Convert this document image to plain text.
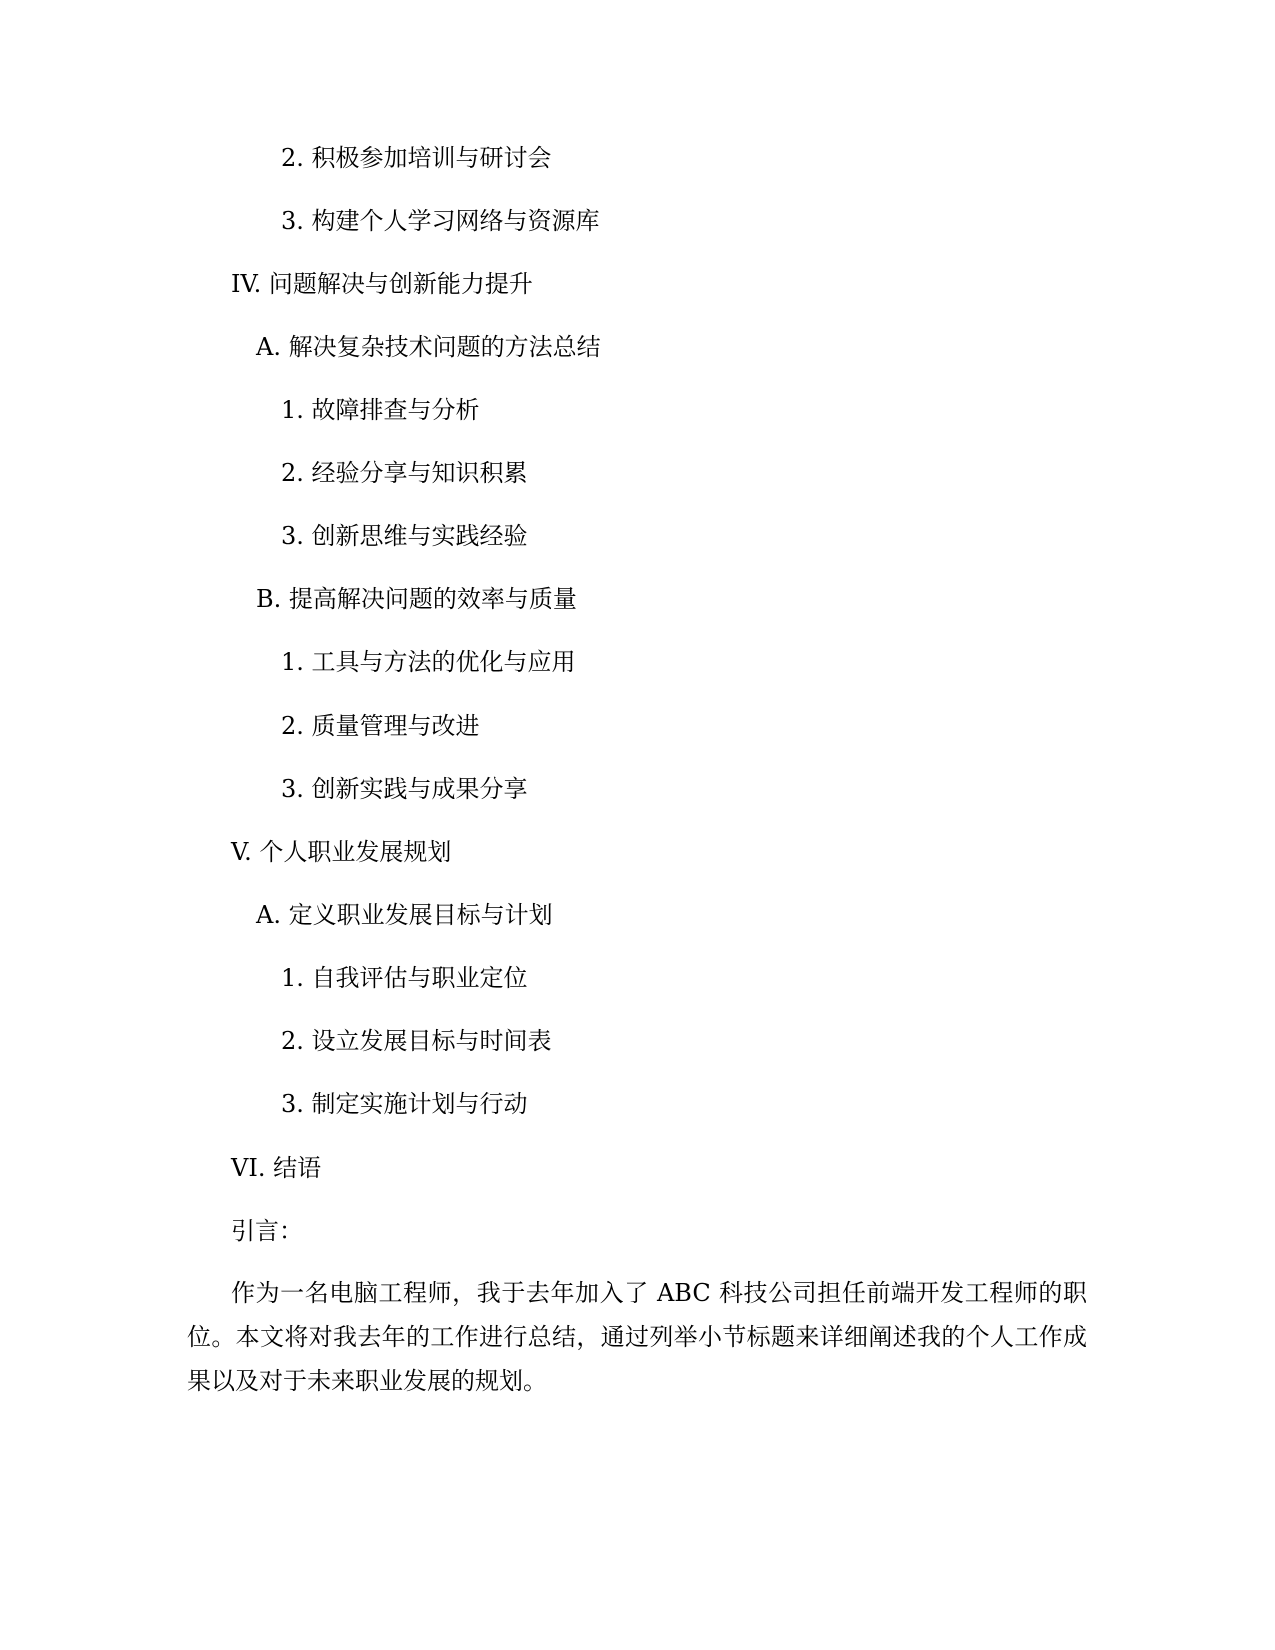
2. 积极参加培训与研讨会
3. 构建个人学习网络与资源库
IV. 问题解决与创新能力提升
A. 解决复杂技术问题的方法总结
1. 故障排查与分析
2. 经验分享与知识积累
3. 创新思维与实践经验
B. 提高解决问题的效率与质量
1. 工具与方法的优化与应用
2. 质量管理与改进
3. 创新实践与成果分享
V. 个人职业发展规划
A. 定义职业发展目标与计划
1. 自我评估与职业定位
2. 设立发展目标与时间表
3. 制定实施计划与行动
VI. 结语
引言：
作为一名电脑工程师，我于去年加入了 ABC 科技公司担任前端开发工程师的职位。本文将对我去年的工作进行总结，通过列举小节标题来详细阐述我的个人工作成果以及对于未来职业发展的规划。
